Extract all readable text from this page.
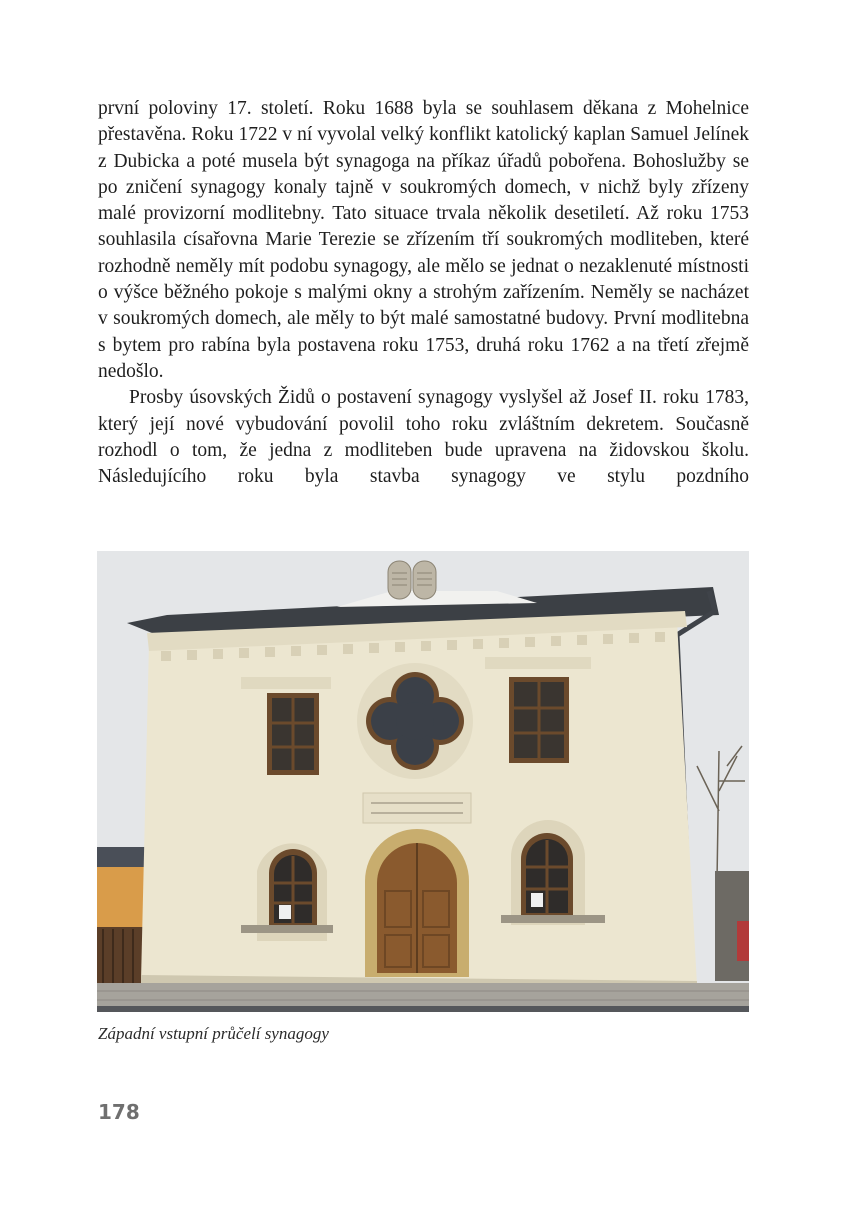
první poloviny 17. století. Roku 1688 byla se souhlasem děkana z Mohelnice přestavěna. Roku 1722 v ní vyvolal velký konflikt katolický kaplan Samuel Jelínek z Dubicka a poté musela být synagoga na příkaz úřadů pobořena. Bohoslužby se po zničení synagogy konaly tajně v soukromých domech, v nichž byly zřízeny malé provizorní modlitebny. Tato situace trvala několik desetiletí. Až roku 1753 souhlasila císařovna Marie Terezie se zřízením tří soukromých modliteben, které rozhodně neměly mít podobu synagogy, ale mělo se jednat o nezaklenuté místnosti o výšce běžného pokoje s malými okny a strohým zařízením. Neměly se nacházet v soukromých domech, ale měly to být malé samostatné budovy. První modlitebna s bytem pro rabína byla postavena roku 1753, druhá roku 1762 a na třetí zřejmě nedošlo.

Prosby úsovských Židů o postavení synagogy vyslyšel až Josef II. roku 1783, který její nové vybudování povolil toho roku zvláštním dekretem. Současně rozhodl o tom, že jedna z modliteben bude upravena na židovskou školu. Následujícího roku byla stavba synagogy ve stylu pozdního

Západní vstupní průčelí synagogy
178
